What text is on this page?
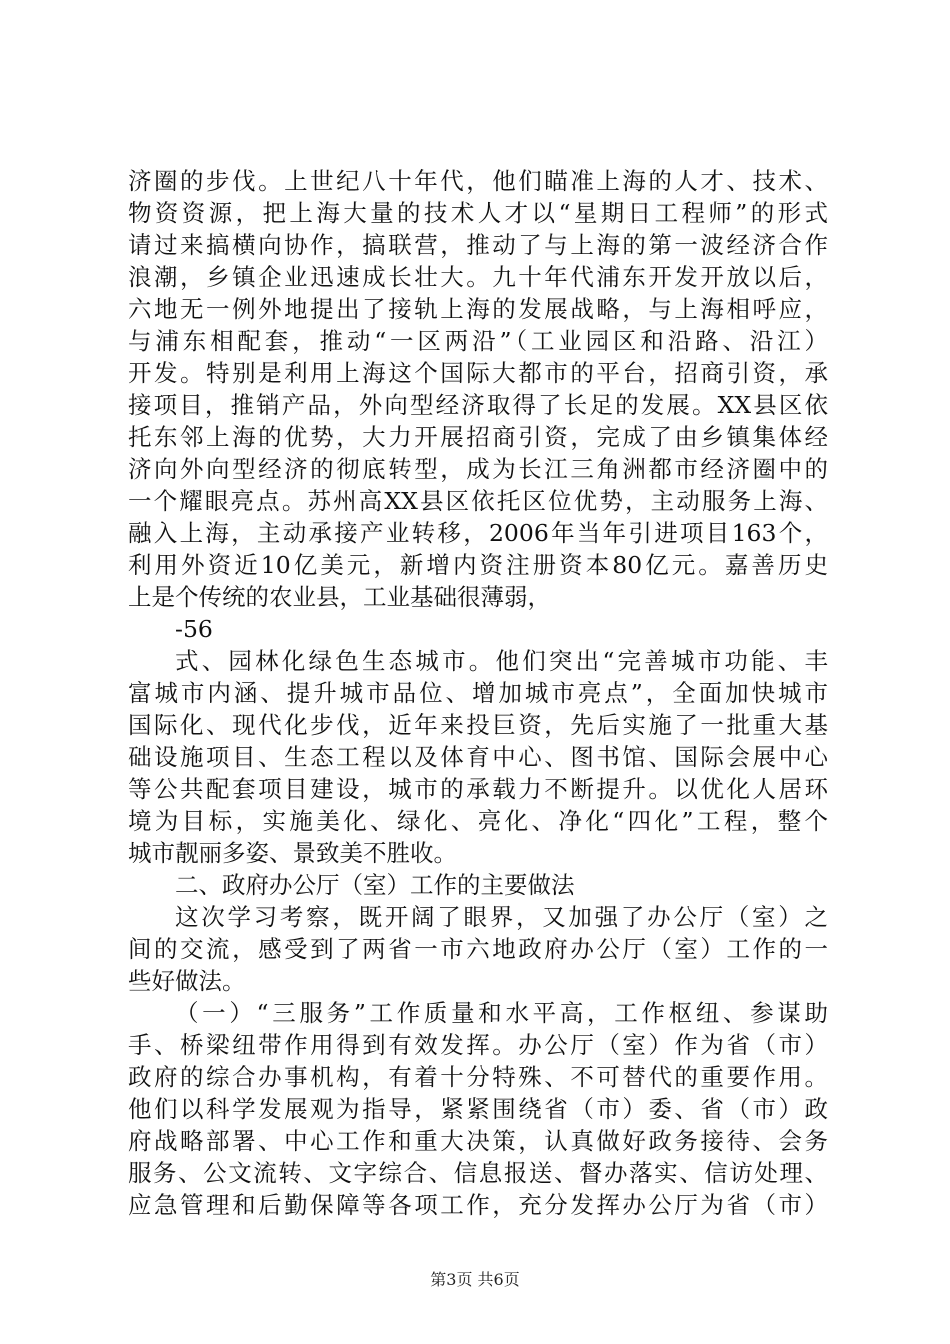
济圈的步伐。上世纪八十年代，他们瞄准上海的人才、技术、
物资资源，把上海大量的技术人才以“星期日工程师”的形式
请过来搞横向协作，搞联营，推动了与上海的第一波经济合作
浪潮，乡镇企业迅速成长壮大。九十年代浦东开发开放以后，
六地无一例外地提出了接轨上海的发展战略，与上海相呼应，
与浦东相配套，推动“一区两沿”（工业园区和沿路、沿江）
开发。特别是利用上海这个国际大都市的平台，招商引资，承
接项目，推销产品，外向型经济取得了长足的发展。XX县区依
托东邻上海的优势，大力开展招商引资，完成了由乡镇集体经
济向外向型经济的彻底转型，成为长江三角洲都市经济圈中的
一个耀眼亮点。苏州高XX县区依托区位优势，主动服务上海、
融入上海，主动承接产业转移，2006年当年引进项目163个，
利用外资近10亿美元，新增内资注册资本80亿元。嘉善历史
上是个传统的农业县，工业基础很薄弱，
-56
式、园林化绿色生态城市。他们突出“完善城市功能、丰
富城市内涵、提升城市品位、增加城市亮点”，全面加快城市
国际化、现代化步伐，近年来投巨资，先后实施了一批重大基
础设施项目、生态工程以及体育中心、图书馆、国际会展中心
等公共配套项目建设，城市的承载力不断提升。以优化人居环
境为目标，实施美化、绿化、亮化、净化“四化”工程，整个
城市靓丽多姿、景致美不胜收。
二、政府办公厅（室）工作的主要做法
这次学习考察，既开阔了眼界，又加强了办公厅（室）之
间的交流，感受到了两省一市六地政府办公厅（室）工作的一
些好做法。
（一）“三服务”工作质量和水平高，工作枢纽、参谋助
手、桥梁纽带作用得到有效发挥。办公厅（室）作为省（市）
政府的综合办事机构，有着十分特殊、不可替代的重要作用。
他们以科学发展观为指导，紧紧围绕省（市）委、省（市）政
府战略部署、中心工作和重大决策，认真做好政务接待、会务
服务、公文流转、文字综合、信息报送、督办落实、信访处理、
应急管理和后勤保障等各项工作，充分发挥办公厅为省（市）
第3页 共6页
